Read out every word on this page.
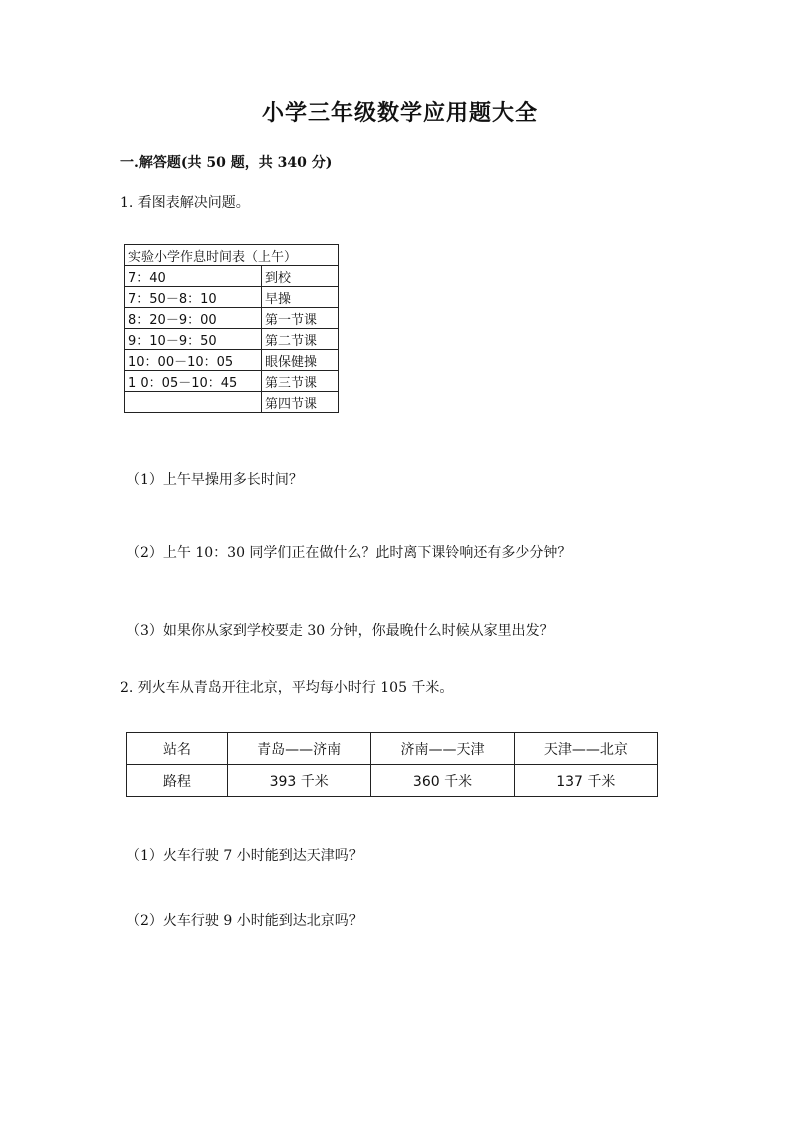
小学三年级数学应用题大全
一.解答题(共 50 题，共 340 分)
1. 看图表解决问题。
实验小学作息时间表（上午）	
7：40	到校
7：50－8：10	早操
8：20－9：00	第一节课
9：10－9：50	第二节课
10：00－10：05	眼保健操
1 0：05－10：45	第三节课
	第四节课
（1）上午早操用多长时间？
（2）上午 10：30 同学们正在做什么？此时离下课铃响还有多少分钟？
（3）如果你从家到学校要走 30 分钟，你最晚什么时候从家里出发？
2. 列火车从青岛开往北京，平均每小时行 105 千米。
站名	青岛——济南	济南——天津	天津——北京
路程	393 千米	360 千米	137 千米
（1）火车行驶 7 小时能到达天津吗？
（2）火车行驶 9 小时能到达北京吗？
